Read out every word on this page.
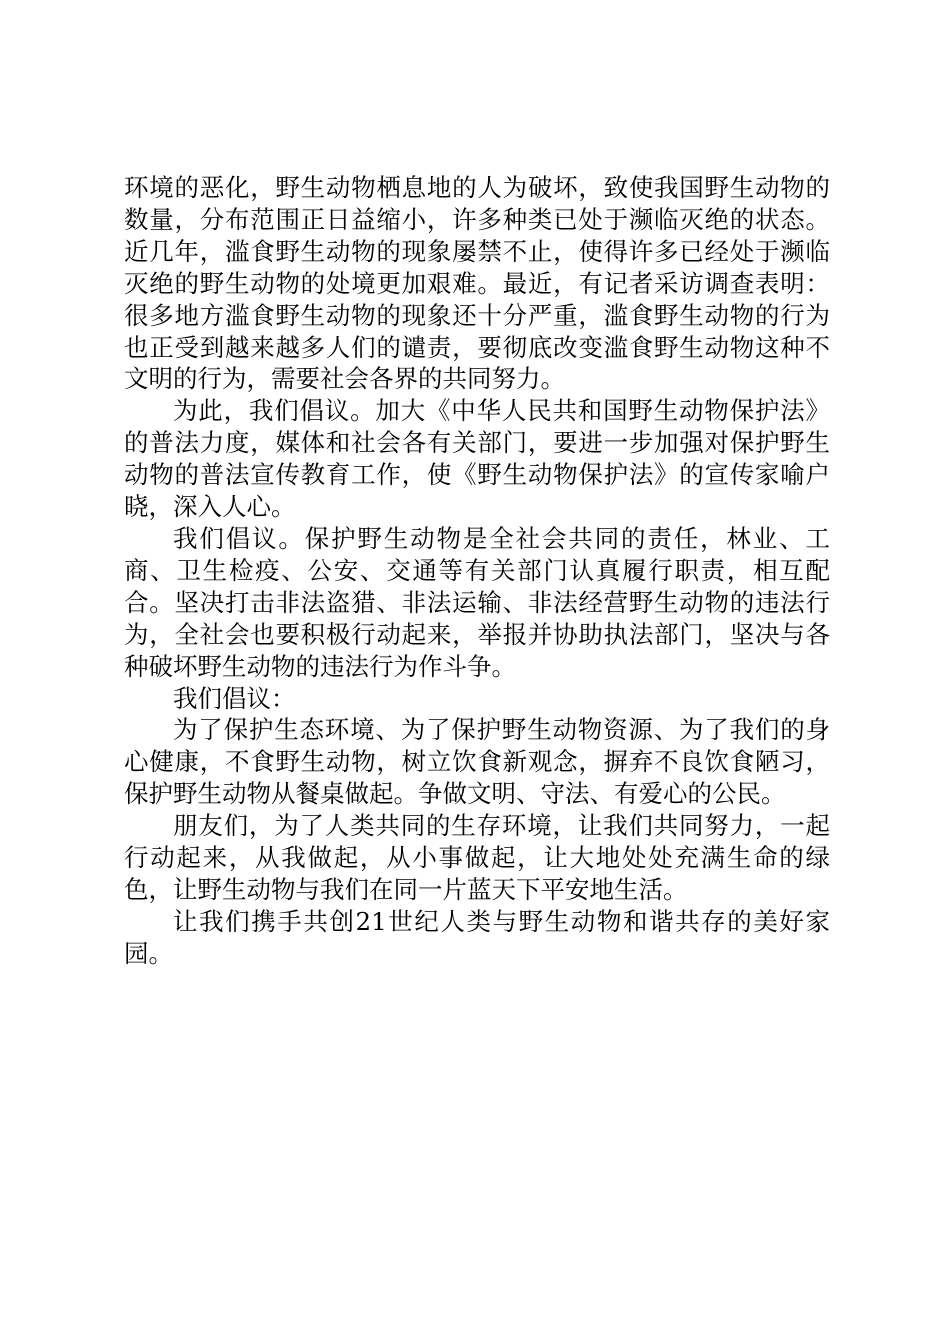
环境的恶化，野生动物栖息地的人为破坏，致使我国野生动物的数量，分布范围正日益缩小，许多种类已处于濒临灭绝的状态。近几年，滥食野生动物的现象屡禁不止，使得许多已经处于濒临灭绝的野生动物的处境更加艰难。最近，有记者采访调查表明：很多地方滥食野生动物的现象还十分严重，滥食野生动物的行为也正受到越来越多人们的谴责，要彻底改变滥食野生动物这种不文明的行为，需要社会各界的共同努力。

为此，我们倡议。加大《中华人民共和国野生动物保护法》的普法力度，媒体和社会各有关部门，要进一步加强对保护野生动物的普法宣传教育工作，使《野生动物保护法》的宣传家喻户晓，深入人心。

我们倡议。保护野生动物是全社会共同的责任，林业、工商、卫生检疫、公安、交通等有关部门认真履行职责，相互配合。坚决打击非法盗猎、非法运输、非法经营野生动物的违法行为，全社会也要积极行动起来，举报并协助执法部门，坚决与各种破坏野生动物的违法行为作斗争。

我们倡议：

为了保护生态环境、为了保护野生动物资源、为了我们的身心健康，不食野生动物，树立饮食新观念，摒弃不良饮食陋习，保护野生动物从餐桌做起。争做文明、守法、有爱心的公民。

朋友们，为了人类共同的生存环境，让我们共同努力，一起行动起来，从我做起，从小事做起，让大地处处充满生命的绿色，让野生动物与我们在同一片蓝天下平安地生活。

让我们携手共创21世纪人类与野生动物和谐共存的美好家园。
